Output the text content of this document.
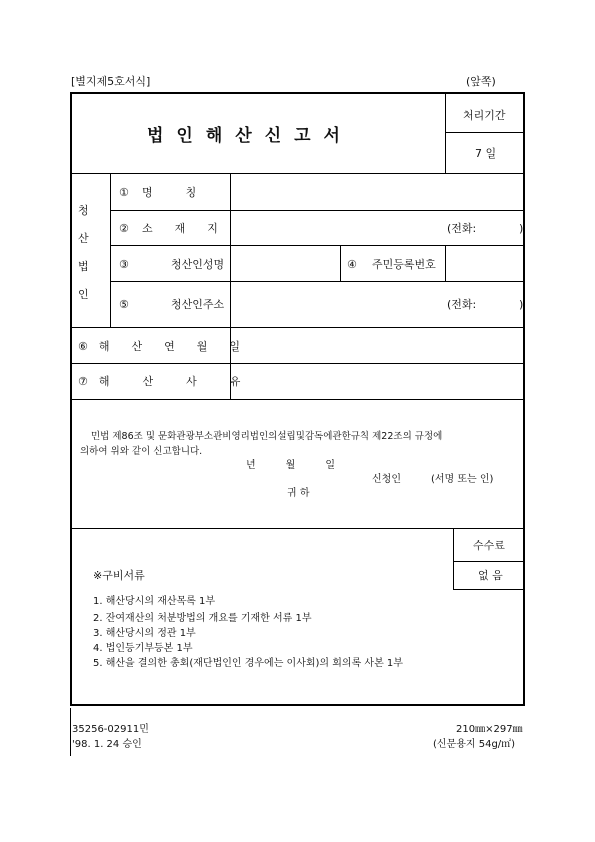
[별지제5호서식]	(앞쪽)
법인해산신고서
처리기간
7 일
청
산
법
인
① 명　　　칭
② 소　　재　　지	(전화:	)
③	청산인성명	④ 주민등록번호
⑤	청산인주소	(전화:	)
⑥　해　　산　　연　　월　　일
⑦　해　　　산　　　사　　　유
민법 제86조 및 문화관광부소관비영리법인의설립및감독에관한규칙 제22조의 규정에
의하여 위와 같이 신고합니다.
년　　　월　　　일
신청인	(서명 또는 인)
귀 하
수수료
없 음
※구비서류
1. 해산당시의 재산목록 1부
2. 잔여재산의 처분방법의 개요를 기재한 서류 1부
3. 해산당시의 정관 1부
4. 법인등기부등본 1부
5. 해산을 결의한 총회(재단법인인 경우에는 이사회)의 회의록 사본 1부
35256-02911민
'98. 1. 24 승인
210㎜×297㎜
(신문용지 54g/㎡)
